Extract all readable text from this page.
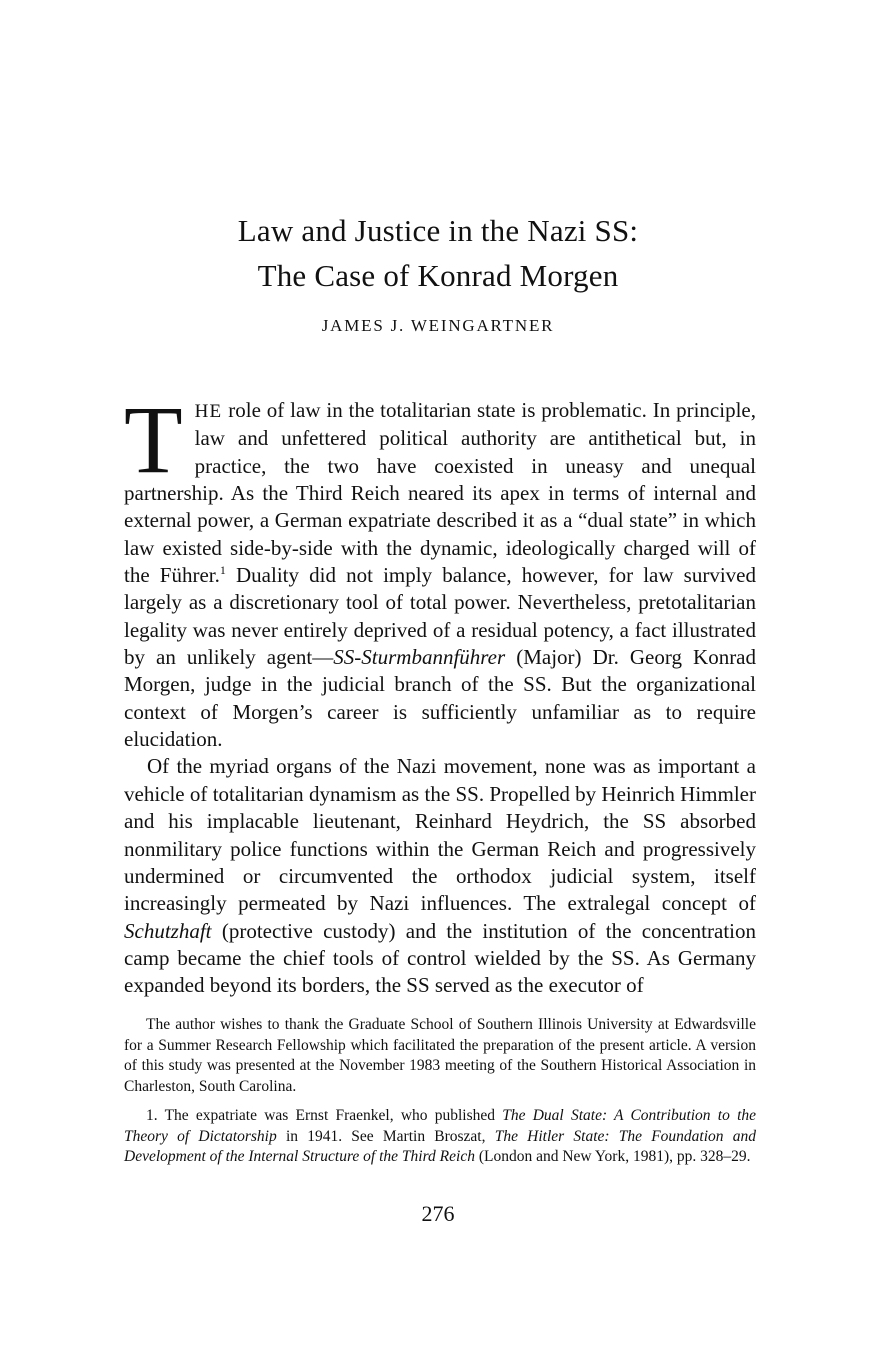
Law and Justice in the Nazi SS:
The Case of Konrad Morgen
JAMES J. WEINGARTNER

THE role of law in the totalitarian state is problematic. In principle, law and unfettered political authority are antithetical but, in practice, the two have coexisted in uneasy and unequal partnership. As the Third Reich neared its apex in terms of internal and external power, a German expatriate described it as a “dual state” in which law existed side-by-side with the dynamic, ideologically charged will of the Führer.$^1$ Duality did not imply balance, however, for law survived largely as a discretionary tool of total power. Nevertheless, pretotalitarian legality was never entirely deprived of a residual potency, a fact illustrated by an unlikely agent—SS-Sturmbannführer (Major) Dr. Georg Konrad Morgen, judge in the judicial branch of the SS. But the organizational context of Morgen’s career is sufficiently unfamiliar as to require elucidation.

Of the myriad organs of the Nazi movement, none was as important a vehicle of totalitarian dynamism as the SS. Propelled by Heinrich Himmler and his implacable lieutenant, Reinhard Heydrich, the SS absorbed nonmilitary police functions within the German Reich and progressively undermined or circumvented the orthodox judicial system, itself increasingly permeated by Nazi influences. The extralegal concept of Schutzhaft (protective custody) and the institution of the concentration camp became the chief tools of control wielded by the SS. As Germany expanded beyond its borders, the SS served as the executor of

The author wishes to thank the Graduate School of Southern Illinois University at Edwardsville for a Summer Research Fellowship which facilitated the preparation of the present article. A version of this study was presented at the November 1983 meeting of the Southern Historical Association in Charleston, South Carolina.

1. The expatriate was Ernst Fraenkel, who published The Dual State: A Contribution to the Theory of Dictatorship in 1941. See Martin Broszat, The Hitler State: The Foundation and Development of the Internal Structure of the Third Reich (London and New York, 1981), pp. 328–29.

276
